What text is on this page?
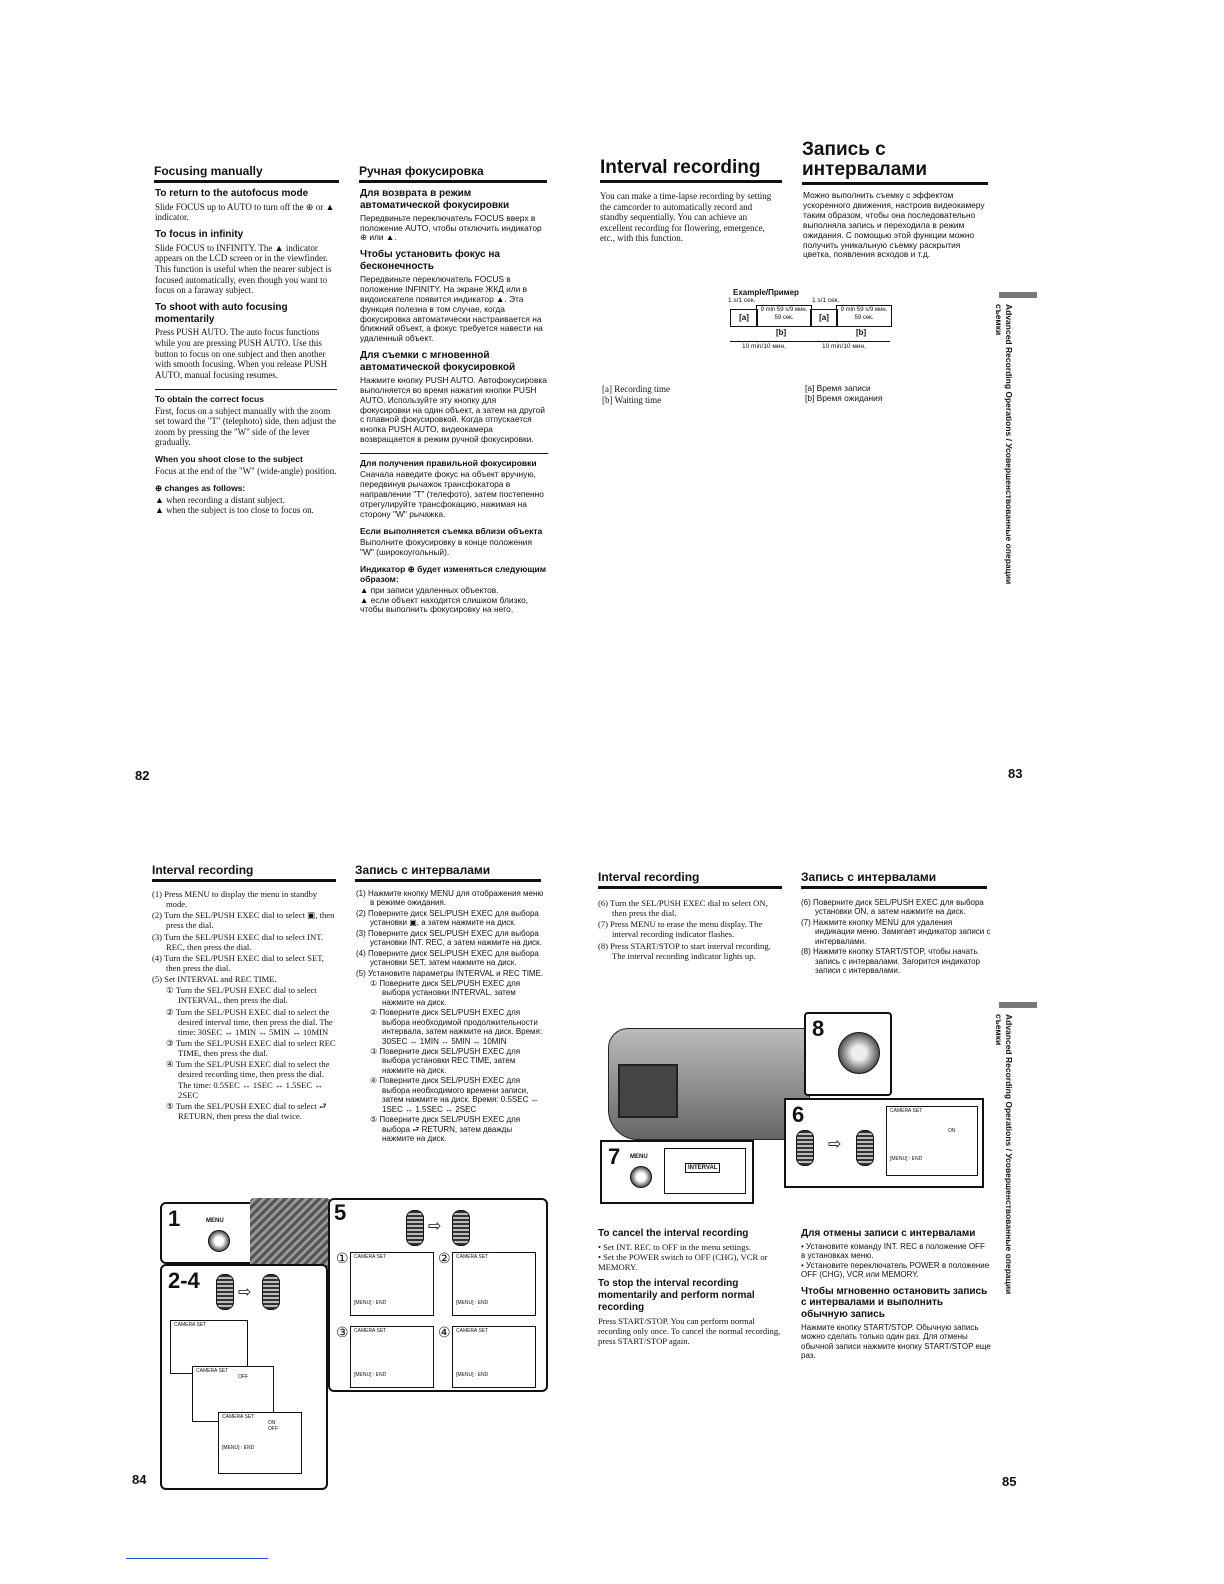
Focusing manually	Ручная фокусировка
To return to the autofocus mode

Slide FOCUS up to AUTO to turn off the ⊕ or ▲ indicator.

To focus in infinity

Slide FOCUS to INFINITY. The ▲ indicator appears on the LCD screen or in the viewfinder. This function is useful when the nearer subject is focused automatically, even though you want to focus on a faraway subject.

To shoot with auto focusing momentarily

Press PUSH AUTO. The auto focus functions while you are pressing PUSH AUTO. Use this button to focus on one subject and then another with smooth focusing. When you release PUSH AUTO, manual focusing resumes.

To obtain the correct focus

First, focus on a subject manually with the zoom set toward the "T" (telephoto) side, then adjust the zoom by pressing the "W" side of the lever gradually.

When you shoot close to the subject

Focus at the end of the "W" (wide-angle) position.

⊕ changes as follows:

▲ when recording a distant subject.

▲ when the subject is too close to focus on.

Для возврата в режим автоматической фокусировки

Передвиньте переключатель FOCUS вверх в положение AUTO, чтобы отключить индикатор ⊕ или ▲.

Чтобы установить фокус на бесконечность

Передвиньте переключатель FOCUS в положение INFINITY. На экране ЖКД или в видоискателе появится индикатор ▲. Эта функция полезна в том случае, когда фокусировка автоматически настраивается на ближний объект, а фокус требуется навести на удаленный объект.

Для съемки с мгновенной автоматической фокусировкой

Нажмите кнопку PUSH AUTO. Автофокусировка выполняется во время нажатия кнопки PUSH AUTO. Используйте эту кнопку для фокусировки на один объект, а затем на другой с плавной фокусировкой. Когда отпускается кнопка PUSH AUTO, видеокамера возвращается в режим ручной фокусировки.

Для получения правильной фокусировки

Сначала наведите фокус на объект вручную, передвинув рычажок трансфокатора в направлении "T" (телефото), затем постепенно отрегулируйте трансфокацию, нажимая на сторону "W" рычажка.

Если выполняется съемка вблизи объекта

Выполните фокусировку в конце положения "W" (широкоугольный).

Индикатор ⊕ будет изменяться следующим образом:

▲ при записи удаленных объектов.

▲ если объект находится слишком близко, чтобы выполнить фокусировку на него.

82
Interval recording
Запись с интервалами
You can make a time-lapse recording by setting the camcorder to automatically record and standby sequentially. You can achieve an excellent recording for flowering, emergence, etc., with this function.
Можно выполнить съемку с эффектом ускоренного движения, настроив видеокамеру таким образом, чтобы она последовательно выполняла запись и переходила в режим ожидания. С помощью этой функции можно получить уникальную съемку раскрытия цветка, появления всходов и т.д.
Example/Пример
1 s/1 сек.	1 s/1 сек.
[a]
9 min 59 s/9 мин. 59 сек.	[a]
9 min 59 s/9 мин. 59 сек.
[b]	[b]
10 min/10 мин.	10 min/10 мин.
[a] Recording time
[b] Waiting time
[a] Время записи
[b] Время ожидания	Advanced Recording Operations / Усовершенствованные операции съемки
83
Interval recording	Запись с интервалами
(1) Press MENU to display the menu in standby mode.
(2) Turn the SEL/PUSH EXEC dial to select ▣, then press the dial.
(3) Turn the SEL/PUSH EXEC dial to select INT. REC, then press the dial.
(4) Turn the SEL/PUSH EXEC dial to select SET, then press the dial.
(5) Set INTERVAL and REC TIME.
① Turn the SEL/PUSH EXEC dial to select INTERVAL, then press the dial.
② Turn the SEL/PUSH EXEC dial to select the desired interval time, then press the dial. The time: 30SEC ↔ 1MIN ↔ 5MIN ↔ 10MIN
③ Turn the SEL/PUSH EXEC dial to select REC TIME, then press the dial.
④ Turn the SEL/PUSH EXEC dial to select the desired recording time, then press the dial. The time: 0.5SEC ↔ 1SEC ↔ 1.5SEC ↔ 2SEC
⑤ Turn the SEL/PUSH EXEC dial to select ⮐ RETURN, then press the dial twice.
(1) Нажмите кнопку MENU для отображения меню в режиме ожидания.
(2) Поверните диск SEL/PUSH EXEC для выбора установки ▣, а затем нажмите на диск.
(3) Поверните диск SEL/PUSH EXEC для выбора установки INT. REC, а затем нажмите на диск.
(4) Поверните диск SEL/PUSH EXEC для выбора установки SET, затем нажмите на диск.
(5) Установите параметры INTERVAL и REC TIME.
① Поверните диск SEL/PUSH EXEC для выбора установки INTERVAL, затем нажмите на диск.
② Поверните диск SEL/PUSH EXEC для выбора необходимой продолжительности интервала, затем нажмите на диск. Время: 30SEC ↔ 1MIN ↔ 5MIN ↔ 10MIN
③ Поверните диск SEL/PUSH EXEC для выбора установки REC TIME, затем нажмите на диск.
④ Поверните диск SEL/PUSH EXEC для выбора необходимого времени записи, затем нажмите на диск. Время: 0.5SEC ↔ 1SEC ↔ 1.5SEC ↔ 2SEC
⑤ Поверните диск SEL/PUSH EXEC для выбора ⮐ RETURN, затем дважды нажмите на диск.
1	MENU
2-4 ⇨
CAMERA SET
CAMERA SET
OFF
CAMERA SET
ON
OFF
[MENU] : END
5
⇨
① CAMERA SET
[MENU] : END
② CAMERA SET
[MENU] : END
③ CAMERA SET
[MENU] : END
④ CAMERA SET
[MENU] : END
84
Interval recording	Запись с интервалами
(6) Turn the SEL/PUSH EXEC dial to select ON, then press the dial.
(7) Press MENU to erase the menu display. The interval recording indicator flashes.
(8) Press START/STOP to start interval recording. The interval recording indicator lights up.
(6) Поверните диск SEL/PUSH EXEC для выбора установки ON, а затем нажмите на диск.
(7) Нажмите кнопку MENU для удаления индикации меню. Замигает индикатор записи с интервалами.
(8) Нажмите кнопку START/STOP, чтобы начать запись с интервалами. Загорится индикатор записи с интервалами.
8
6
⇨
CAMERA SET
ON
[MENU] : END
7 MENU
INTERVAL
To cancel the interval recording

• Set INT. REC to OFF in the menu settings.

• Set the POWER switch to OFF (CHG), VCR or MEMORY.

To stop the interval recording momentarily and perform normal recording

Press START/STOP. You can perform normal recording only once. To cancel the normal recording, press START/STOP again.

Для отмены записи с интервалами

• Установите команду INT. REC в положение OFF в установках меню.

• Установите переключатель POWER в положение OFF (CHG), VCR или MEMORY.

Чтобы мгновенно остановить запись с интервалами и выполнить обычную запись

Нажмите кнопку START/STOP. Обычную запись можно сделать только один раз. Для отмены обычной записи нажмите кнопку START/STOP еще раз.

Advanced Recording Operations / Усовершенствованные операции съемки
85
